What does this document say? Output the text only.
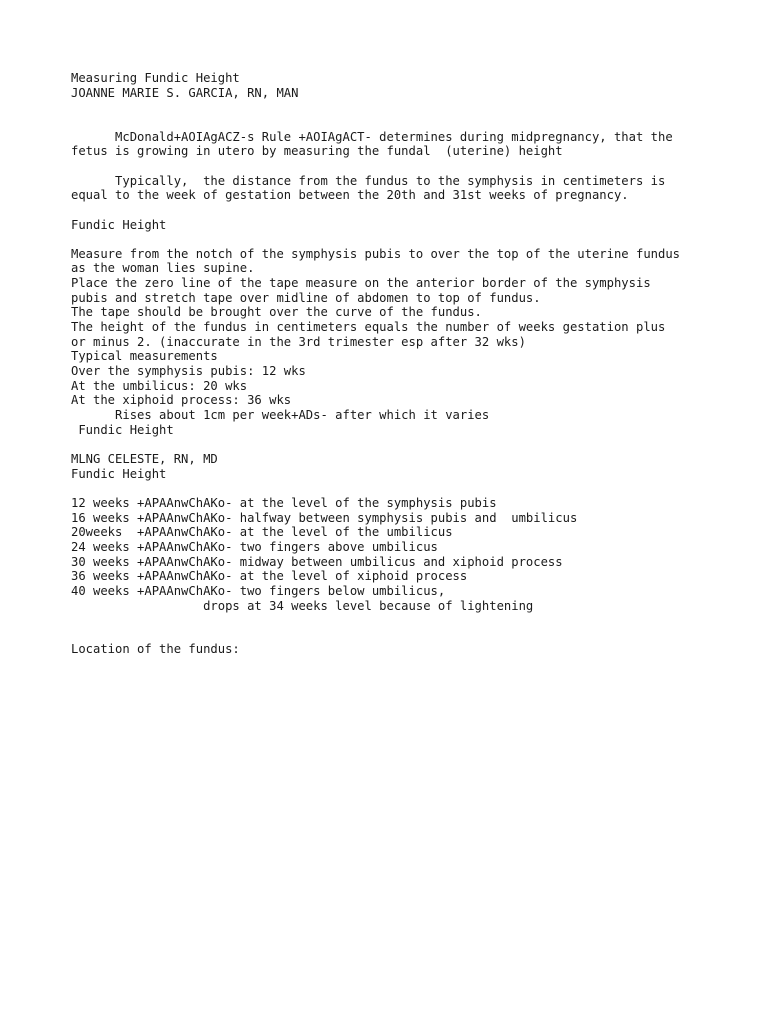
Measuring Fundic Height
JOANNE MARIE S. GARCIA, RN, MAN
McDonald+AOIAgACZ-s Rule +AOIAgACT- determines during midpregnancy, that the
fetus is growing in utero by measuring the fundal  (uterine) height
Typically,  the distance from the fundus to the symphysis in centimeters is
equal to the week of gestation between the 20th and 31st weeks of pregnancy.
Fundic Height
Measure from the notch of the symphysis pubis to over the top of the uterine fundus
as the woman lies supine.
Place the zero line of the tape measure on the anterior border of the symphysis
pubis and stretch tape over midline of abdomen to top of fundus.
The tape should be brought over the curve of the fundus.
The height of the fundus in centimeters equals the number of weeks gestation plus
or minus 2. (inaccurate in the 3rd trimester esp after 32 wks)
Typical measurements
Over the symphysis pubis: 12 wks
At the umbilicus: 20 wks
At the xiphoid process: 36 wks
Rises about 1cm per week+ADs- after which it varies
Fundic Height
MLNG CELESTE, RN, MD
Fundic Height
12 weeks +APAAnwChAKo- at the level of the symphysis pubis
16 weeks +APAAnwChAKo- halfway between symphysis pubis and  umbilicus
20weeks  +APAAnwChAKo- at the level of the umbilicus
24 weeks +APAAnwChAKo- two fingers above umbilicus
30 weeks +APAAnwChAKo- midway between umbilicus and xiphoid process
36 weeks +APAAnwChAKo- at the level of xiphoid process
40 weeks +APAAnwChAKo- two fingers below umbilicus,
drops at 34 weeks level because of lightening
Location of the fundus:
